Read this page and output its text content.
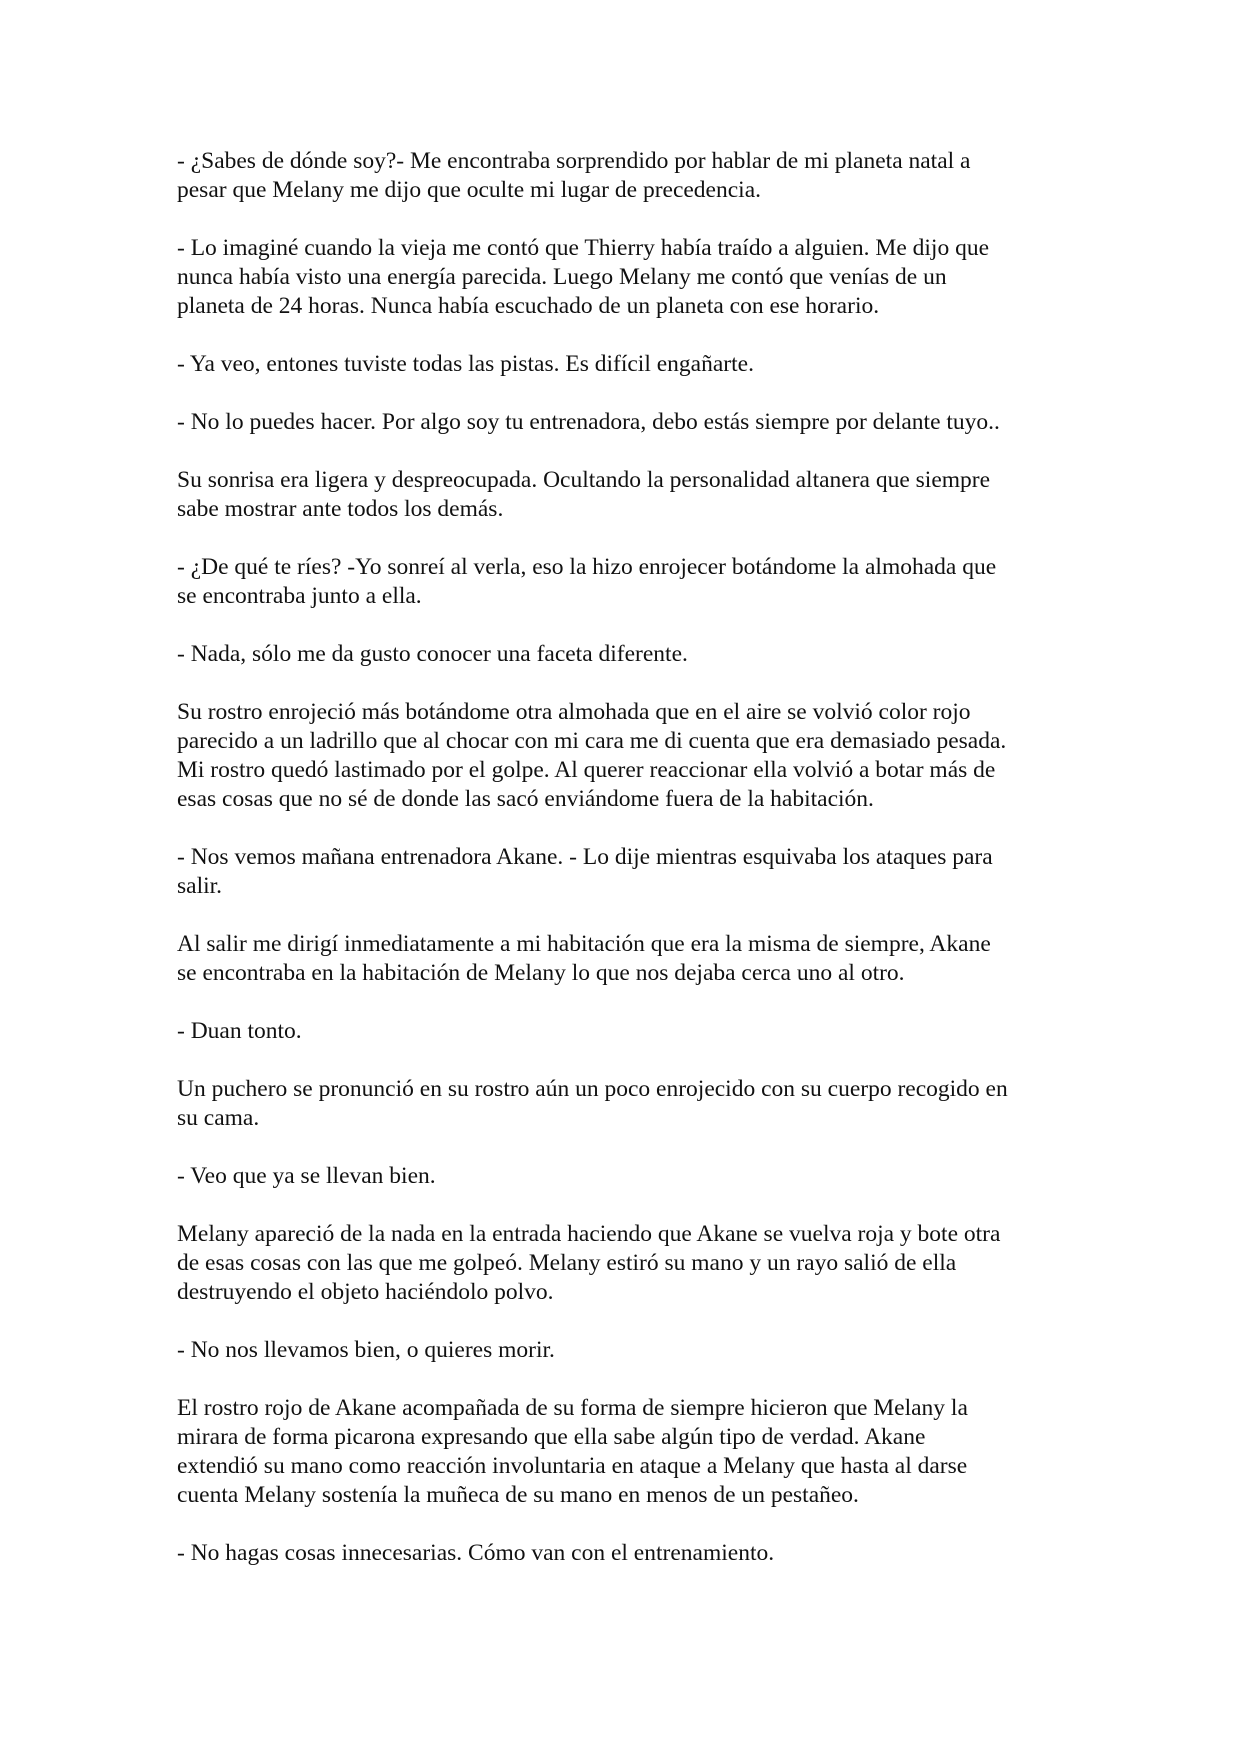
- ¿Sabes de dónde soy?- Me encontraba sorprendido por hablar de mi planeta natal a
pesar que Melany me dijo que oculte mi lugar de precedencia.

- Lo imaginé cuando la vieja me contó que Thierry había traído a alguien. Me dijo que
nunca había visto una energía parecida. Luego Melany me contó que venías de un
planeta de 24 horas. Nunca había escuchado de un planeta con ese horario.

- Ya veo, entones tuviste todas las pistas. Es difícil engañarte.

- No lo puedes hacer. Por algo soy tu entrenadora, debo estás siempre por delante tuyo..

Su sonrisa era ligera y despreocupada. Ocultando la personalidad altanera que siempre
sabe mostrar ante todos los demás.

- ¿De qué te ríes? -Yo sonreí al verla, eso la hizo enrojecer botándome la almohada que
se encontraba junto a ella.

- Nada, sólo me da gusto conocer una faceta diferente.

Su rostro enrojeció más botándome otra almohada que en el aire se volvió color rojo
parecido a un ladrillo que al chocar con mi cara me di cuenta que era demasiado pesada.
Mi rostro quedó lastimado por el golpe. Al querer reaccionar ella volvió a botar más de
esas cosas que no sé de donde las sacó enviándome fuera de la habitación.

- Nos vemos mañana entrenadora Akane. - Lo dije mientras esquivaba los ataques para
salir.

Al salir me dirigí inmediatamente a mi habitación que era la misma de siempre, Akane
se encontraba en la habitación de Melany lo que nos dejaba cerca uno al otro.

- Duan tonto.

Un puchero se pronunció en su rostro aún un poco enrojecido con su cuerpo recogido en
su cama.

- Veo que ya se llevan bien.

Melany apareció de la nada en la entrada haciendo que Akane se vuelva roja y bote otra
de esas cosas con las que me golpeó. Melany estiró su mano y un rayo salió de ella
destruyendo el objeto haciéndolo polvo.

- No nos llevamos bien, o quieres morir.

El rostro rojo de Akane acompañada de su forma de siempre hicieron que Melany la
mirara de forma picarona expresando que ella sabe algún tipo de verdad. Akane
extendió su mano como reacción involuntaria en ataque a Melany que hasta al darse
cuenta Melany sostenía la muñeca de su mano en menos de un pestañeo.

- No hagas cosas innecesarias. Cómo van con el entrenamiento.
